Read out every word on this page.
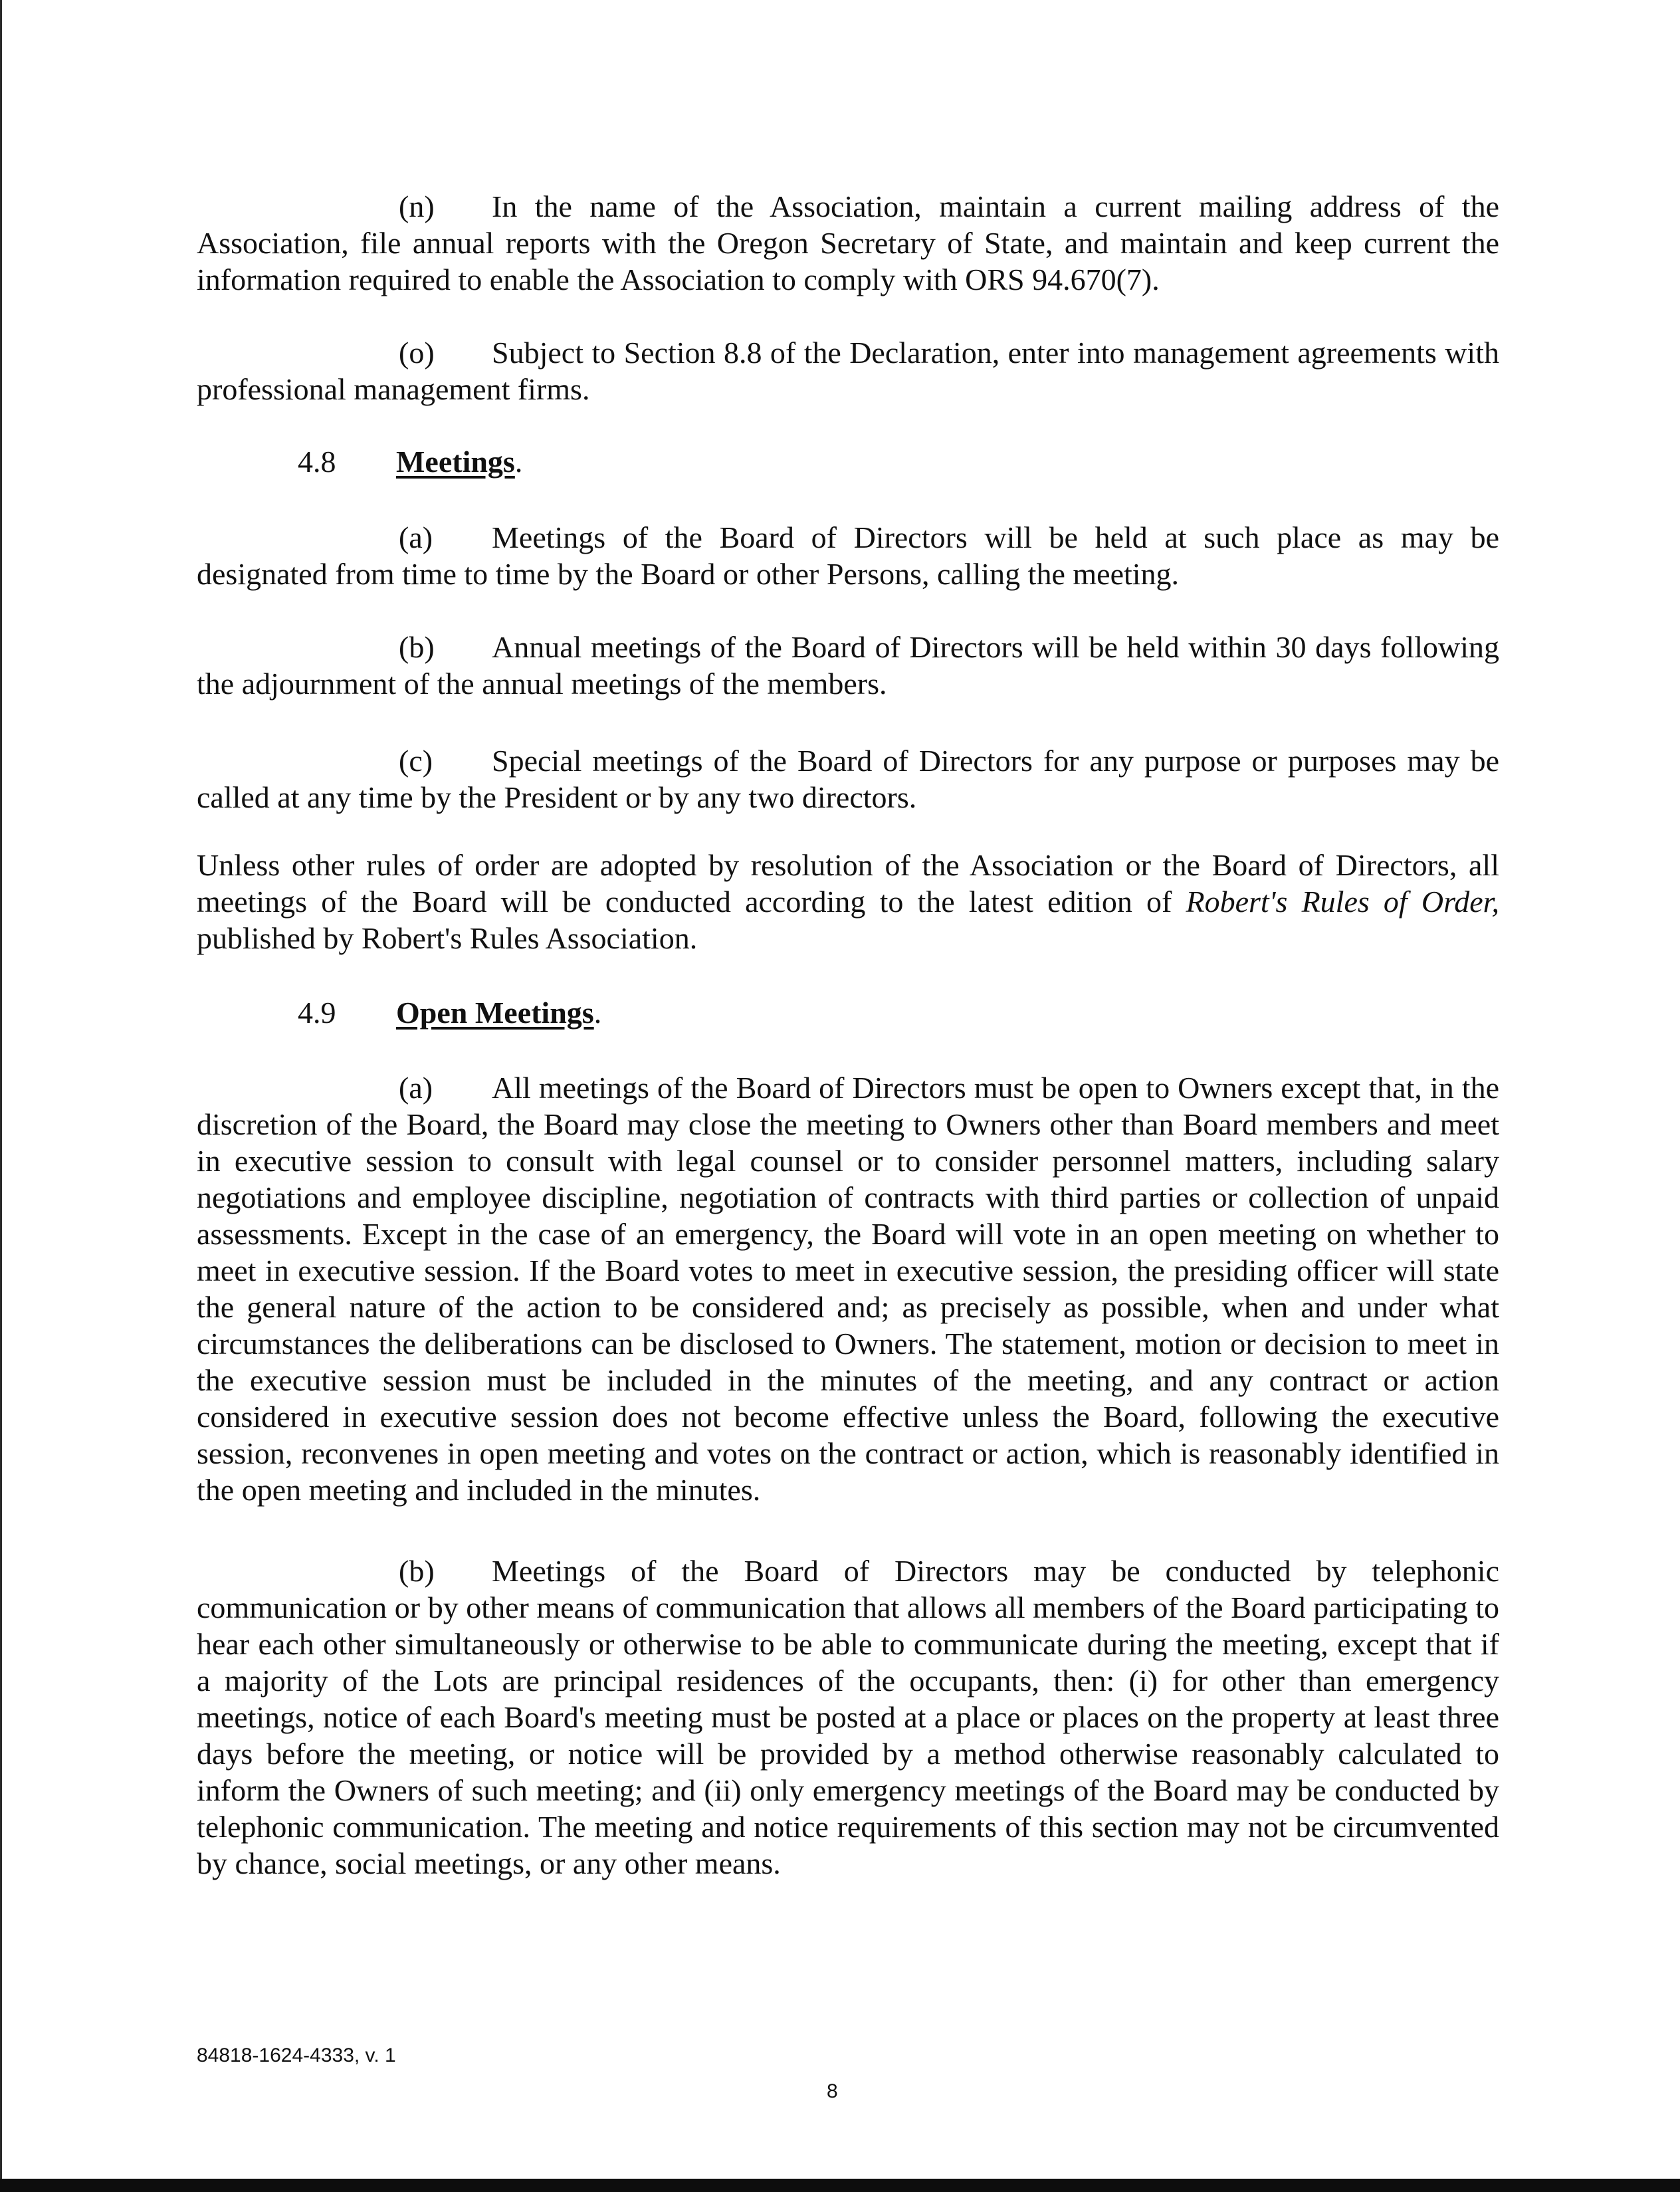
(n) In the name of the Association, maintain a current mailing address of the Association, file annual reports with the Oregon Secretary of State, and maintain and keep current the information required to enable the Association to comply with ORS 94.670(7).

(o) Subject to Section 8.8 of the Declaration, enter into management agreements with professional management firms.

4.8 Meetings.

(a) Meetings of the Board of Directors will be held at such place as may be designated from time to time by the Board or other Persons, calling the meeting.

(b) Annual meetings of the Board of Directors will be held within 30 days following the adjournment of the annual meetings of the members.

(c) Special meetings of the Board of Directors for any purpose or purposes may be called at any time by the President or by any two directors.

Unless other rules of order are adopted by resolution of the Association or the Board of Directors, all meetings of the Board will be conducted according to the latest edition of Robert's Rules of Order, published by Robert's Rules Association.

4.9 Open Meetings.

(a) All meetings of the Board of Directors must be open to Owners except that, in the discretion of the Board, the Board may close the meeting to Owners other than Board members and meet in executive session to consult with legal counsel or to consider personnel matters, including salary negotiations and employee discipline, negotiation of contracts with third parties or collection of unpaid assessments. Except in the case of an emergency, the Board will vote in an open meeting on whether to meet in executive session. If the Board votes to meet in executive session, the presiding officer will state the general nature of the action to be considered and; as precisely as possible, when and under what circumstances the deliberations can be disclosed to Owners. The statement, motion or decision to meet in the executive session must be included in the minutes of the meeting, and any contract or action considered in executive session does not become effective unless the Board, following the executive session, reconvenes in open meeting and votes on the contract or action, which is reasonably identified in the open meeting and included in the minutes.

(b) Meetings of the Board of Directors may be conducted by telephonic communication or by other means of communication that allows all members of the Board participating to hear each other simultaneously or otherwise to be able to communicate during the meeting, except that if a majority of the Lots are principal residences of the occupants, then: (i) for other than emergency meetings, notice of each Board's meeting must be posted at a place or places on the property at least three days before the meeting, or notice will be provided by a method otherwise reasonably calculated to inform the Owners of such meeting; and (ii) only emergency meetings of the Board may be conducted by telephonic communication. The meeting and notice requirements of this section may not be circumvented by chance, social meetings, or any other means.

84818-1624-4333, v. 1

8
